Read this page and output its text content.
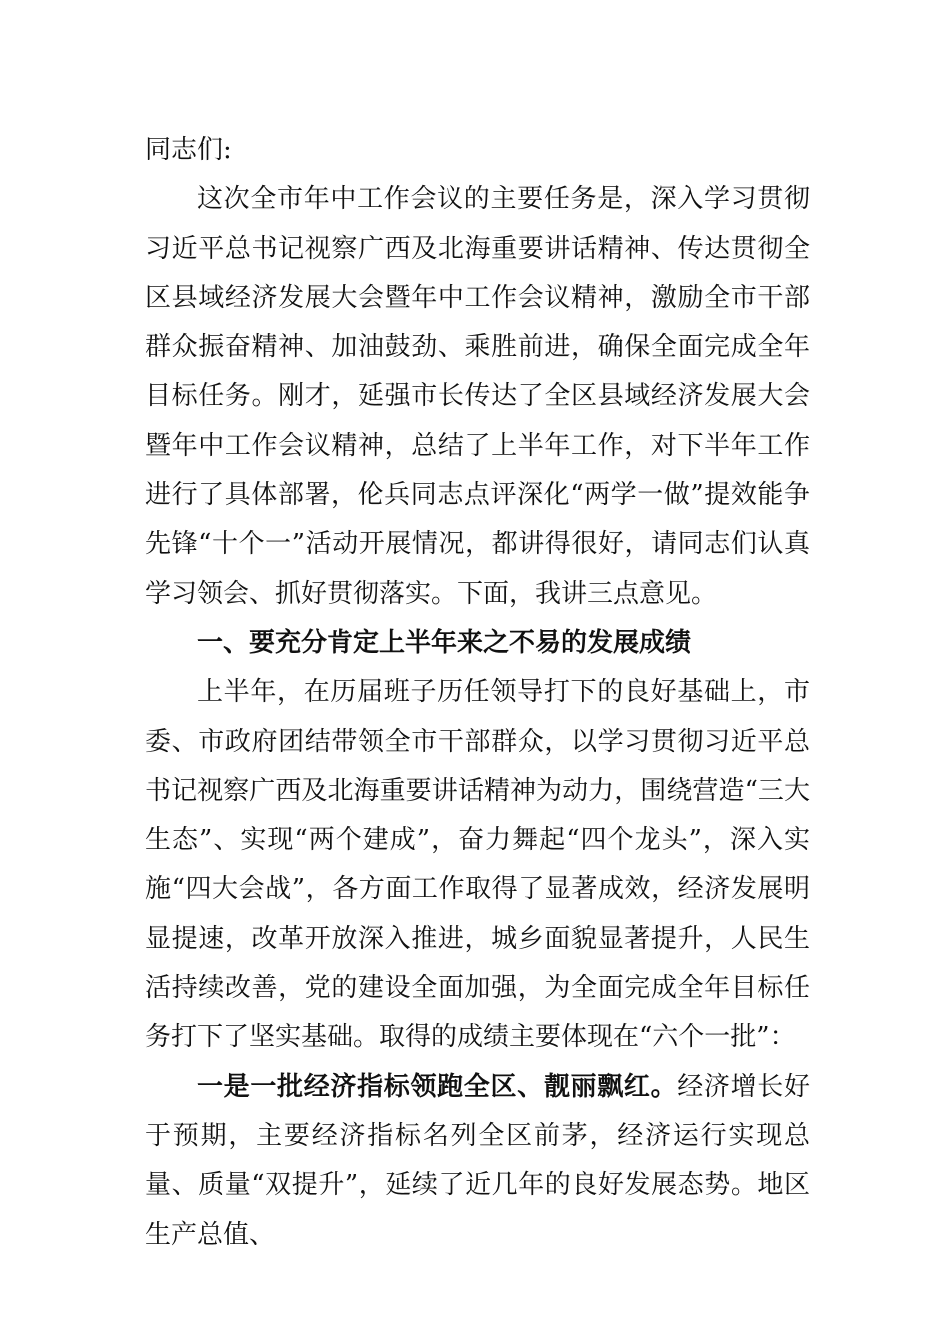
同志们:

这次全市年中工作会议的主要任务是，深入学习贯彻习近平总书记视察广西及北海重要讲话精神、传达贯彻全区县域经济发展大会暨年中工作会议精神，激励全市干部群众振奋精神、加油鼓劲、乘胜前进，确保全面完成全年目标任务。刚才，延强市长传达了全区县域经济发展大会暨年中工作会议精神，总结了上半年工作，对下半年工作进行了具体部署，伦兵同志点评深化“两学一做”提效能争先锋“十个一”活动开展情况，都讲得很好，请同志们认真学习领会、抓好贯彻落实。下面，我讲三点意见。

一、要充分肯定上半年来之不易的发展成绩

上半年，在历届班子历任领导打下的良好基础上，市委、市政府团结带领全市干部群众，以学习贯彻习近平总书记视察广西及北海重要讲话精神为动力，围绕营造“三大生态”、实现“两个建成”，奋力舞起“四个龙头”，深入实施“四大会战”，各方面工作取得了显著成效，经济发展明显提速，改革开放深入推进，城乡面貌显著提升，人民生活持续改善，党的建设全面加强，为全面完成全年目标任务打下了坚实基础。取得的成绩主要体现在“六个一批”：

一是一批经济指标领跑全区、靓丽飘红。经济增长好于预期，主要经济指标名列全区前茅，经济运行实现总量、质量“双提升”，延续了近几年的良好发展态势。地区生产总值、
